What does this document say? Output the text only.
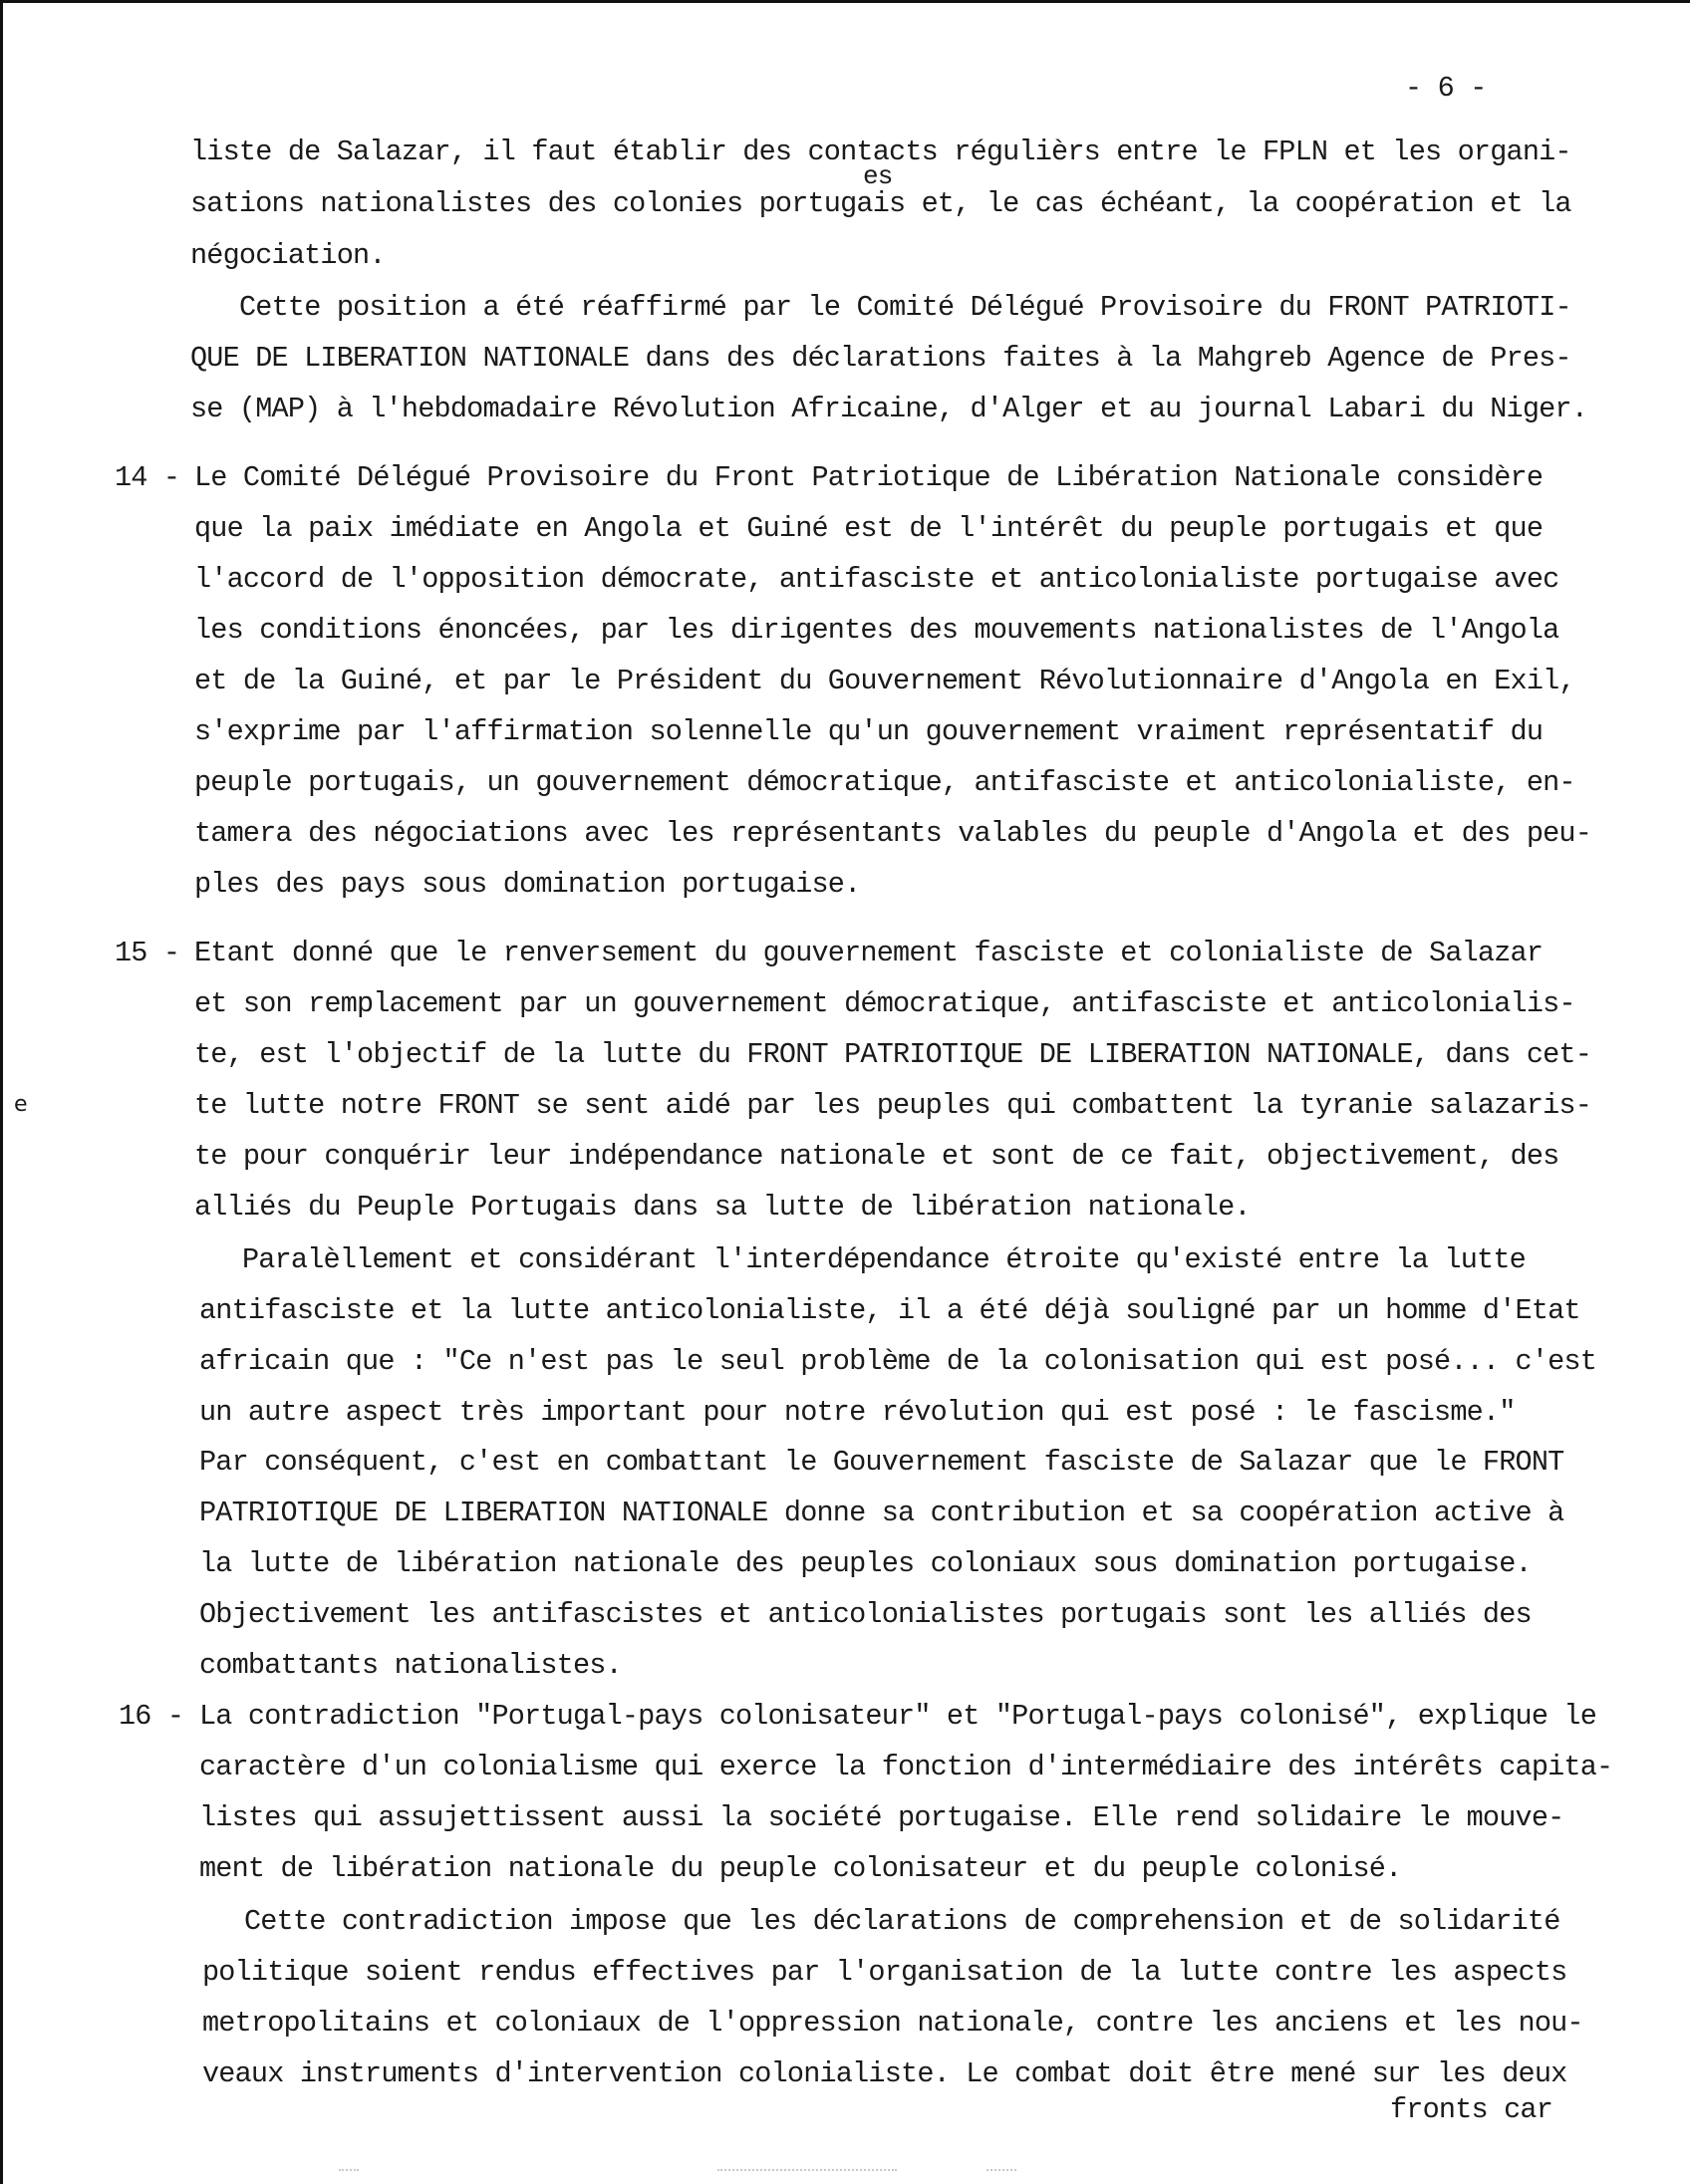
- 6 -
es
e
liste de Salazar, il faut établir des contacts régulièrs entre le FPLN et les organi-
sations nationalistes des colonies portugais et, le cas échéant, la coopération et la
négociation.
Cette position a été réaffirmé par le Comité Délégué Provisoire du FRONT PATRIOTI-
QUE DE LIBERATION NATIONALE dans des déclarations faites à la Mahgreb Agence de Pres-
se (MAP) à l'hebdomadaire Révolution Africaine, d'Alger et au journal Labari du Niger.
14 - Le Comité Délégué Provisoire du Front Patriotique de Libération Nationale considère
que la paix imédiate en Angola et Guiné est de l'intérêt du peuple portugais et que
l'accord de l'opposition démocrate, antifasciste et anticolonialiste portugaise avec
les conditions énoncées, par les dirigentes des mouvements nationalistes de l'Angola
et de la Guiné, et par le Président du Gouvernement Révolutionnaire d'Angola en Exil,
s'exprime par l'affirmation solennelle qu'un gouvernement vraiment représentatif du
peuple portugais, un gouvernement démocratique, antifasciste et anticolonialiste, en-
tamera des négociations avec les représentants valables du peuple d'Angola et des peu-
ples des pays sous domination portugaise.
15 - Etant donné que le renversement du gouvernement fasciste et colonialiste de Salazar
et son remplacement par un gouvernement démocratique, antifasciste et anticolonialis-
te, est l'objectif de la lutte du FRONT PATRIOTIQUE DE LIBERATION NATIONALE, dans cet-
te lutte notre FRONT se sent aidé par les peuples qui combattent la tyranie salazaris-
te pour conquérir leur indépendance nationale et sont de ce fait, objectivement, des
alliés du Peuple Portugais dans sa lutte de libération nationale.
Paralèllement et considérant l'interdépendance étroite qu'existé entre la lutte
antifasciste et la lutte anticolonialiste, il a été déjà souligné par un homme d'Etat
africain que : "Ce n'est pas le seul problème de la colonisation qui est posé... c'est
un autre aspect très important pour notre révolution qui est posé : le fascisme."
Par conséquent, c'est en combattant le Gouvernement fasciste de Salazar que le FRONT
PATRIOTIQUE DE LIBERATION NATIONALE donne sa contribution et sa coopération active à
la lutte de libération nationale des peuples coloniaux sous domination portugaise.
Objectivement les antifascistes et anticolonialistes portugais sont les alliés des
combattants nationalistes.
16 - La contradiction "Portugal-pays colonisateur" et "Portugal-pays colonisé", explique le
caractère d'un colonialisme qui exerce la fonction d'intermédiaire des intérêts capita-
listes qui assujettissent aussi la société portugaise. Elle rend solidaire le mouve-
ment de libération nationale du peuple colonisateur et du peuple colonisé.
Cette contradiction impose que les déclarations de comprehension et de solidarité
politique soient rendus effectives par l'organisation de la lutte contre les aspects
metropolitains et coloniaux de l'oppression nationale, contre les anciens et les nou-
veaux instruments d'intervention colonialiste. Le combat doit être mené sur les deux
fronts car
